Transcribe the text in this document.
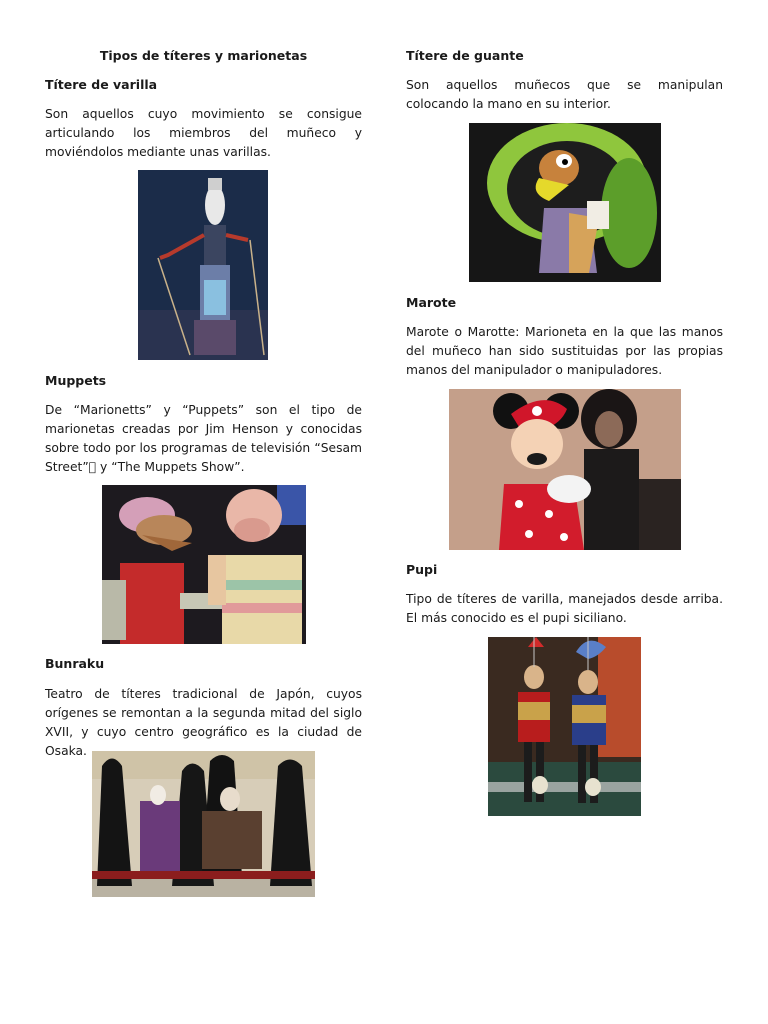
Tipos de títeres y marionetas
Títere de varilla
Son aquellos cuyo movimiento se consigue articulando los miembros del muñeco y moviéndolos mediante unas varillas.
Muppets
De “Marionetts” y “Puppets” son el tipo de marionetas creadas por Jim Henson y conocidas sobre todo por los programas de televisión “Sesam Street”  y “The Muppets Show”.
Bunraku
Teatro de títeres tradicional de Japón, cuyos orígenes se remontan a la segunda mitad del siglo XVII, y cuyo centro geográfico es la ciudad de Osaka.
Títere de guante
Son aquellos muñecos que se manipulan colocando la mano en su interior.
Marote
Marote o Marotte: Marioneta en la que las manos del muñeco han sido sustituidas por las propias manos del manipulador o manipuladores.
Pupi
Tipo de títeres de varilla, manejados desde arriba. El más conocido es el pupi siciliano.
